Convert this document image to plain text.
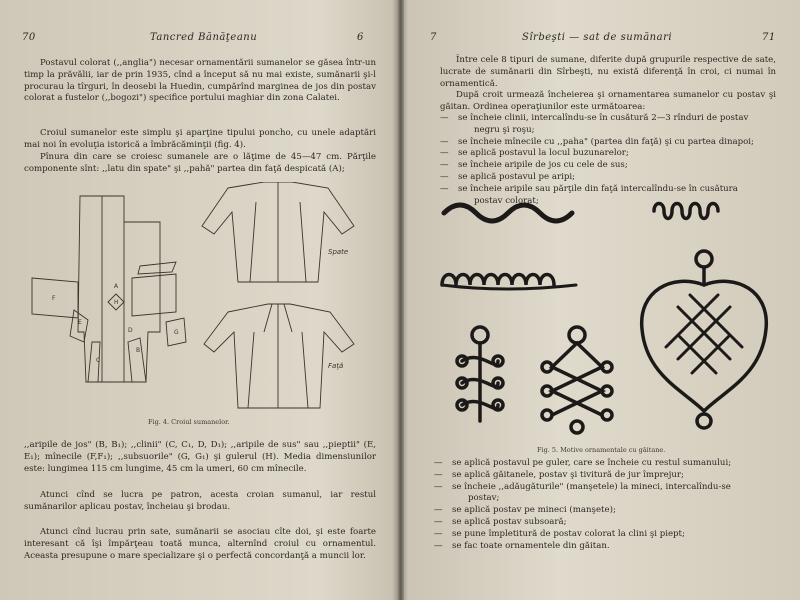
70	Tancred Bănăţeanu	6

Postavul colorat (,,anglia") necesar ornamentării sumanelor se găsea într-un timp la prăvălii, iar de prin 1935, cînd a început să nu mai existe, sumănarii şi-l procurau la tîrguri, în deosebi la Huedin, cumpărînd marginea de jos din postav colorat a fustelor (,,bogozi") specifice portului maghiar din zona Calatei.

Croiul sumanelor este simplu şi aparţine tipului poncho, cu unele adaptări mai noi în evoluţia istorică a îmbrăcăminţii (fig. 4).

Pînura din care se croiesc sumanele are o lăţime de 45—47 cm. Părţile componente sînt: ,,latu din spate" şi ,,pahă" partea din faţă despicată (A);

A
B
C
D
E
F
G
H
Spate
Faţă
Fig. 4. Croiul sumanelor.

,,aripile de jos" (B, B₁); ,,clinii" (C, C₁, D, D₁); ,,aripile de sus" sau ,,pieptii" (E, E₁); mînecile (F,F₁); ,,subsuorile" (G, G₁) şi gulerul (H). Media dimensiunilor este: lungimea 115 cm lungime, 45 cm la umeri, 60 cm mînecile.

Atunci cînd se lucra pe patron, acesta croian sumanul, iar restul sumănarilor aplicau postav, încheiau şi brodau.

Atunci cînd lucrau prin sate, sumănarii se asociau cîte doi, şi este foarte interesant că îşi împărţeau toată munca, alternînd croiul cu ornamentul. Aceasta presupune o mare specializare şi o perfectă concordanţă a muncii lor.

7	Sîrbeşti — sat de sumănari	71

Între cele 8 tipuri de sumane, diferite după grupurile respective de sate, lucrate de sumănarii din Sîrbeşti, nu există diferenţă în croi, ci numai în ornamentică.

După croit urmează încheierea şi ornamentarea sumanelor cu postav şi găitan. Ordinea operaţiunilor este următoarea:

— se încheie clinii, intercalîndu-se în cusătură 2—3 rînduri de postav
negru şi roşu;
— se încheie mînecile cu ,,paha" (partea din faţă) şi cu partea dinapoi;
— se aplică postavul la locul buzunarelor;
— se încheie aripile de jos cu cele de sus;
— se aplică postavul pe aripi;
— se încheie aripile sau părţile din faţă intercalîndu-se în cusătura
postav colorat;
Fig. 5. Motive ornamentale cu găitane.
— se aplică postavul pe guler, care se încheie cu restul sumanului;
— se aplică găitanele, postav şi tivitură de jur împrejur;
— se încheie ,,adăugăturile" (manşetele) la mineci, intercalîndu-se
postav;
— se aplică postav pe mineci (manşete);
— se aplică postav subsoară;
— se pune împletitură de postav colorat la clini şi piept;
— se fac toate ornamentele din găitan.
